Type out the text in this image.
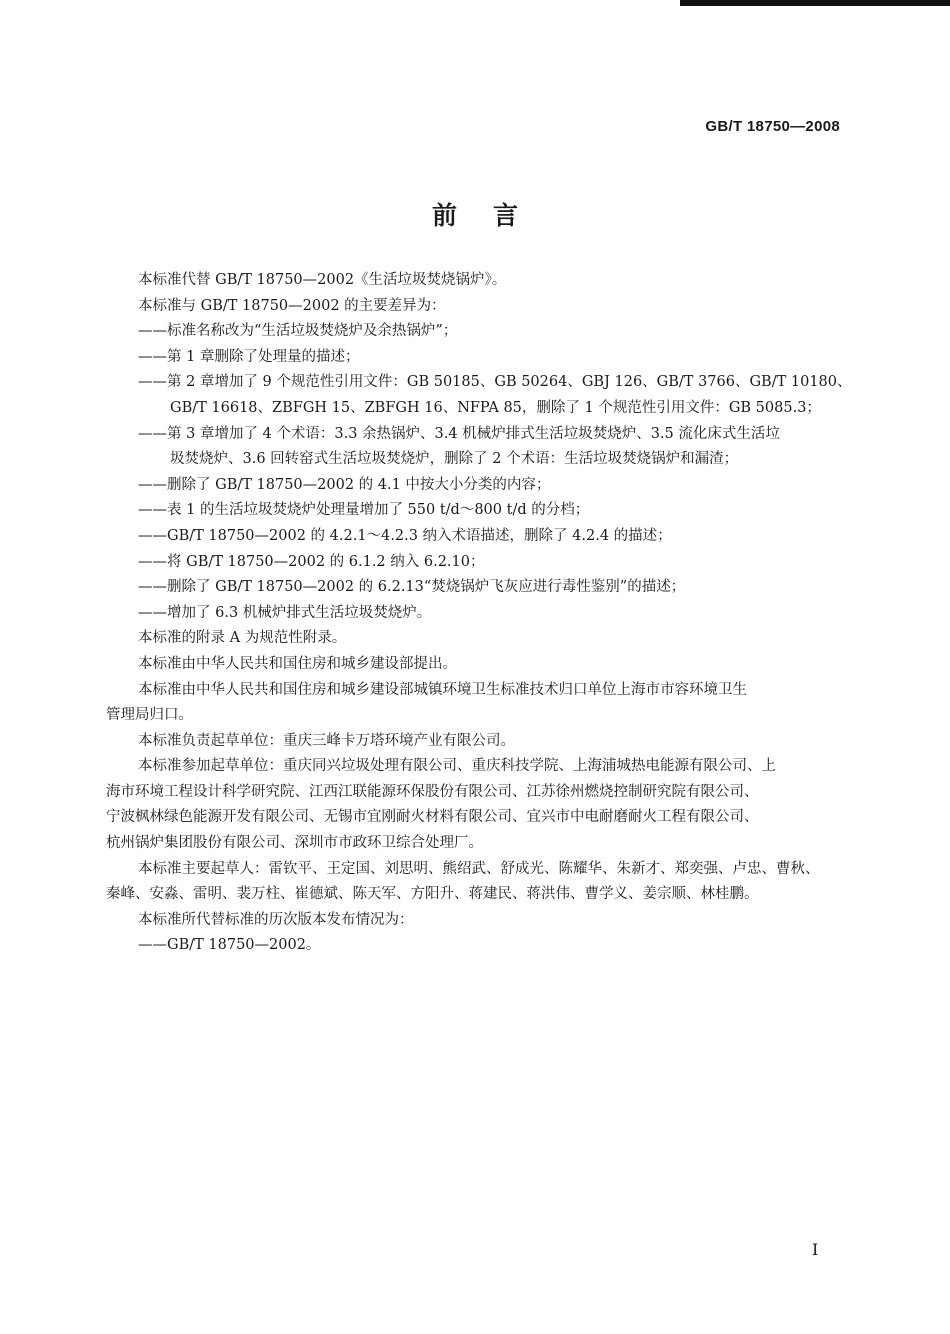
GB/T 18750—2008
前言
本标准代替 GB/T 18750—2002《生活垃圾焚烧锅炉》。
本标准与 GB/T 18750—2002 的主要差异为：
——标准名称改为“生活垃圾焚烧炉及余热锅炉”；
——第 1 章删除了处理量的描述；
——第 2 章增加了 9 个规范性引用文件：GB 50185、GB 50264、GBJ 126、GB/T 3766、GB/T 10180、
GB/T 16618、ZBFGH 15、ZBFGH 16、NFPA 85，删除了 1 个规范性引用文件：GB 5085.3；
——第 3 章增加了 4 个术语：3.3 余热锅炉、3.4 机械炉排式生活垃圾焚烧炉、3.5 流化床式生活垃
圾焚烧炉、3.6 回转窑式生活垃圾焚烧炉，删除了 2 个术语：生活垃圾焚烧锅炉和漏渣；
——删除了 GB/T 18750—2002 的 4.1 中按大小分类的内容；
——表 1 的生活垃圾焚烧炉处理量增加了 550 t/d～800 t/d 的分档；
——GB/T 18750—2002 的 4.2.1～4.2.3 纳入术语描述，删除了 4.2.4 的描述；
——将 GB/T 18750—2002 的 6.1.2 纳入 6.2.10；
——删除了 GB/T 18750—2002 的 6.2.13“焚烧锅炉飞灰应进行毒性鉴别”的描述；
——增加了 6.3 机械炉排式生活垃圾焚烧炉。
本标准的附录 A 为规范性附录。
本标准由中华人民共和国住房和城乡建设部提出。
本标准由中华人民共和国住房和城乡建设部城镇环境卫生标准技术归口单位上海市市容环境卫生
管理局归口。
本标准负责起草单位：重庆三峰卡万塔环境产业有限公司。
本标准参加起草单位：重庆同兴垃圾处理有限公司、重庆科技学院、上海浦城热电能源有限公司、上
海市环境工程设计科学研究院、江西江联能源环保股份有限公司、江苏徐州燃烧控制研究院有限公司、
宁波枫林绿色能源开发有限公司、无锡市宜刚耐火材料有限公司、宜兴市中电耐磨耐火工程有限公司、
杭州锅炉集团股份有限公司、深圳市市政环卫综合处理厂。
本标准主要起草人：雷钦平、王定国、刘思明、熊绍武、舒成光、陈耀华、朱新才、郑奕强、卢忠、曹秋、
秦峰、安淼、雷明、裴万柱、崔德斌、陈天军、方阳升、蒋建民、蒋洪伟、曹学义、姜宗顺、林桂鹏。
本标准所代替标准的历次版本发布情况为：
——GB/T 18750—2002。
I
